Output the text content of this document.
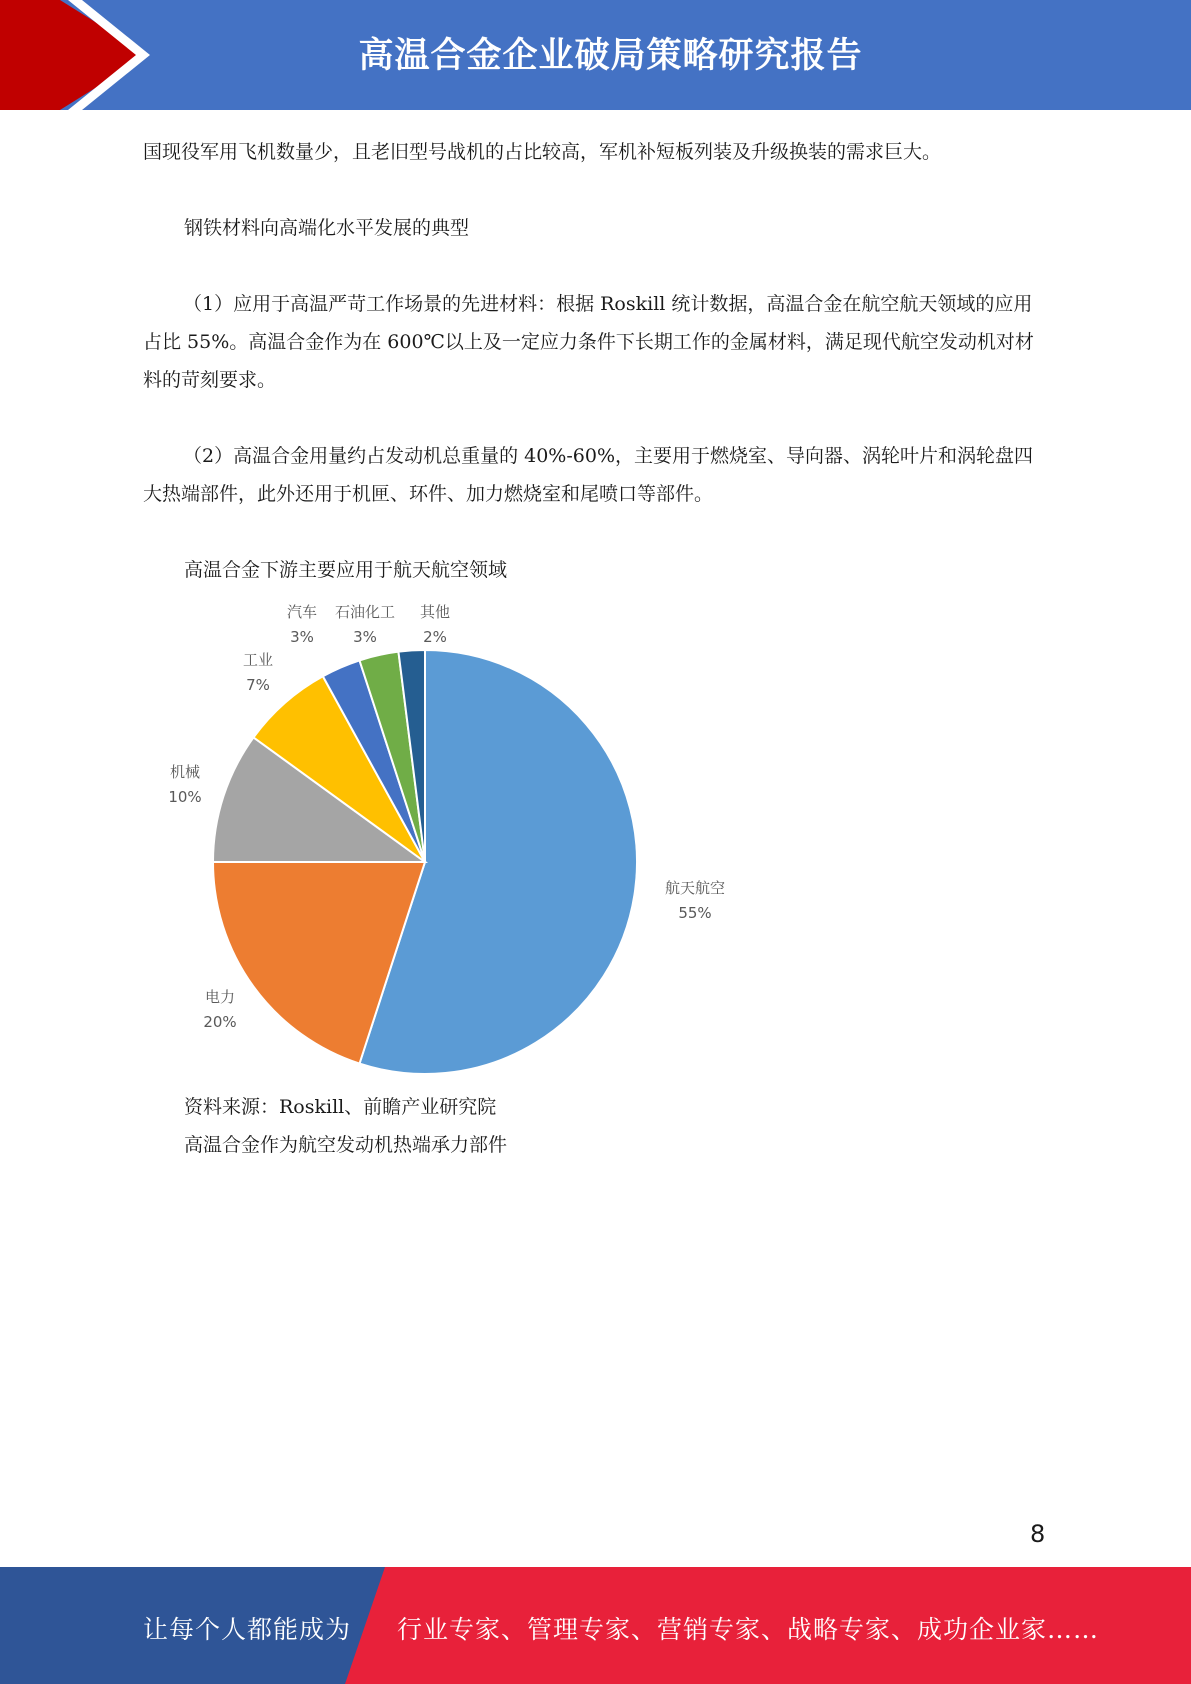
高温合金企业破局策略研究报告

国现役军用飞机数量少，且老旧型号战机的占比较高，军机补短板列装及升级换装的需求巨大。

钢铁材料向高端化水平发展的典型

（1）应用于高温严苛工作场景的先进材料：根据 Roskill 统计数据，高温合金在航空航天领域的应用占比 55%。高温合金作为在 600℃以上及一定应力条件下长期工作的金属材料，满足现代航空发动机对材料的苛刻要求。

（2）高温合金用量约占发动机总重量的 40%-60%，主要用于燃烧室、导向器、涡轮叶片和涡轮盘四大热端部件，此外还用于机匣、环件、加力燃烧室和尾喷口等部件。

高温合金下游主要应用于航天航空领域

航天航空
55%
电力
20%
机械
10%
工业
7%
汽车
3%
石油化工
3%
其他
2%

资料来源：Roskill、前瞻产业研究院

高温合金作为航空发动机热端承力部件

8
让每个人都能成为 行业专家、管理专家、营销专家、战略专家、成功企业家……
